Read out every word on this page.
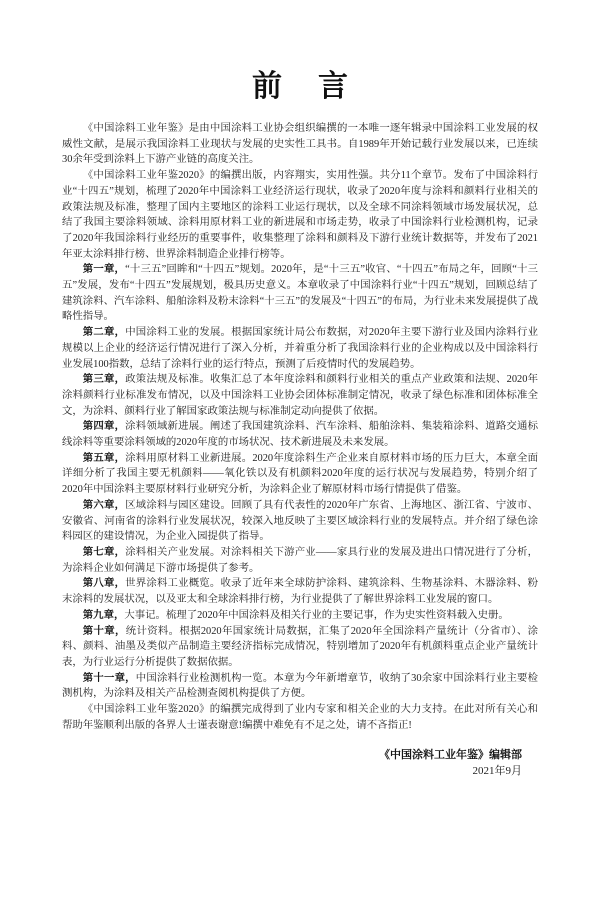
前　言

《中国涂料工业年鉴》是由中国涂料工业协会组织编撰的一本唯一逐年辑录中国涂料工业发展的权威性文献，是展示我国涂料工业现状与发展的史实性工具书。自1989年开始记载行业发展以来，已连续30余年受到涂料上下游产业链的高度关注。

《中国涂料工业年鉴2020》的编撰出版，内容翔实，实用性强。共分11个章节。发布了中国涂料行业“十四五”规划，梳理了2020年中国涂料工业经济运行现状，收录了2020年度与涂料和颜料行业相关的政策法规及标准，整理了国内主要地区的涂料工业运行现状，以及全球不同涂料领域市场发展状况，总结了我国主要涂料领域、涂料用原材料工业的新进展和市场走势，收录了中国涂料行业检测机构，记录了2020年我国涂料行业经历的重要事件，收集整理了涂料和颜料及下游行业统计数据等，并发布了2021年亚太涂料排行榜、世界涂料制造企业排行榜等。

第一章，“十三五”回眸和“十四五”规划。2020年，是“十三五”收官、“十四五”布局之年，回顾“十三五”发展，发布“十四五”发展规划，极具历史意义。本章收录了中国涂料行业“十四五”规划，回顾总结了建筑涂料、汽车涂料、船舶涂料及粉末涂料“十三五”的发展及“十四五”的布局，为行业未来发展提供了战略性指导。

第二章，中国涂料工业的发展。根据国家统计局公布数据，对2020年主要下游行业及国内涂料行业规模以上企业的经济运行情况进行了深入分析，并着重分析了我国涂料行业的企业构成以及中国涂料行业发展100指数，总结了涂料行业的运行特点，预测了后疫情时代的发展趋势。

第三章，政策法规及标准。收集汇总了本年度涂料和颜料行业相关的重点产业政策和法规、2020年涂料颜料行业标准发布情况，以及中国涂料工业协会团体标准制定情况，收录了绿色标准和团体标准全文，为涂料、颜料行业了解国家政策法规与标准制定动向提供了依据。

第四章，涂料领域新进展。阐述了我国建筑涂料、汽车涂料、船舶涂料、集装箱涂料、道路交通标线涂料等重要涂料领域的2020年度的市场状况、技术新进展及未来发展。

第五章，涂料用原材料工业新进展。2020年度涂料生产企业来自原材料市场的压力巨大，本章全面详细分析了我国主要无机颜料——氧化铁以及有机颜料2020年度的运行状况与发展趋势，特别介绍了2020年中国涂料主要原材料行业研究分析，为涂料企业了解原材料市场行情提供了借鉴。

第六章，区域涂料与园区建设。回顾了具有代表性的2020年广东省、上海地区、浙江省、宁波市、安徽省、河南省的涂料行业发展状况，较深入地反映了主要区域涂料行业的发展特点。并介绍了绿色涂料园区的建设情况，为企业入园提供了指导。

第七章，涂料相关产业发展。对涂料相关下游产业——家具行业的发展及进出口情况进行了分析，为涂料企业如何满足下游市场提供了参考。

第八章，世界涂料工业概览。收录了近年来全球防护涂料、建筑涂料、生物基涂料、木器涂料、粉末涂料的发展状况，以及亚太和全球涂料排行榜，为行业提供了了解世界涂料工业发展的窗口。

第九章，大事记。梳理了2020年中国涂料及相关行业的主要记事，作为史实性资料载入史册。

第十章，统计资料。根据2020年国家统计局数据，汇集了2020年全国涂料产量统计（分省市）、涂料、颜料、油墨及类似产品制造主要经济指标完成情况，特别增加了2020年有机颜料重点企业产量统计表，为行业运行分析提供了数据依据。

第十一章，中国涂料行业检测机构一览。本章为今年新增章节，收纳了30余家中国涂料行业主要检测机构，为涂料及相关产品检测查阅机构提供了方便。

《中国涂料工业年鉴2020》的编撰完成得到了业内专家和相关企业的大力支持。在此对所有关心和帮助年鉴顺利出版的各界人士谨表谢意!编撰中难免有不足之处，请不吝指正!

《中国涂料工业年鉴》编辑部

2021年9月
